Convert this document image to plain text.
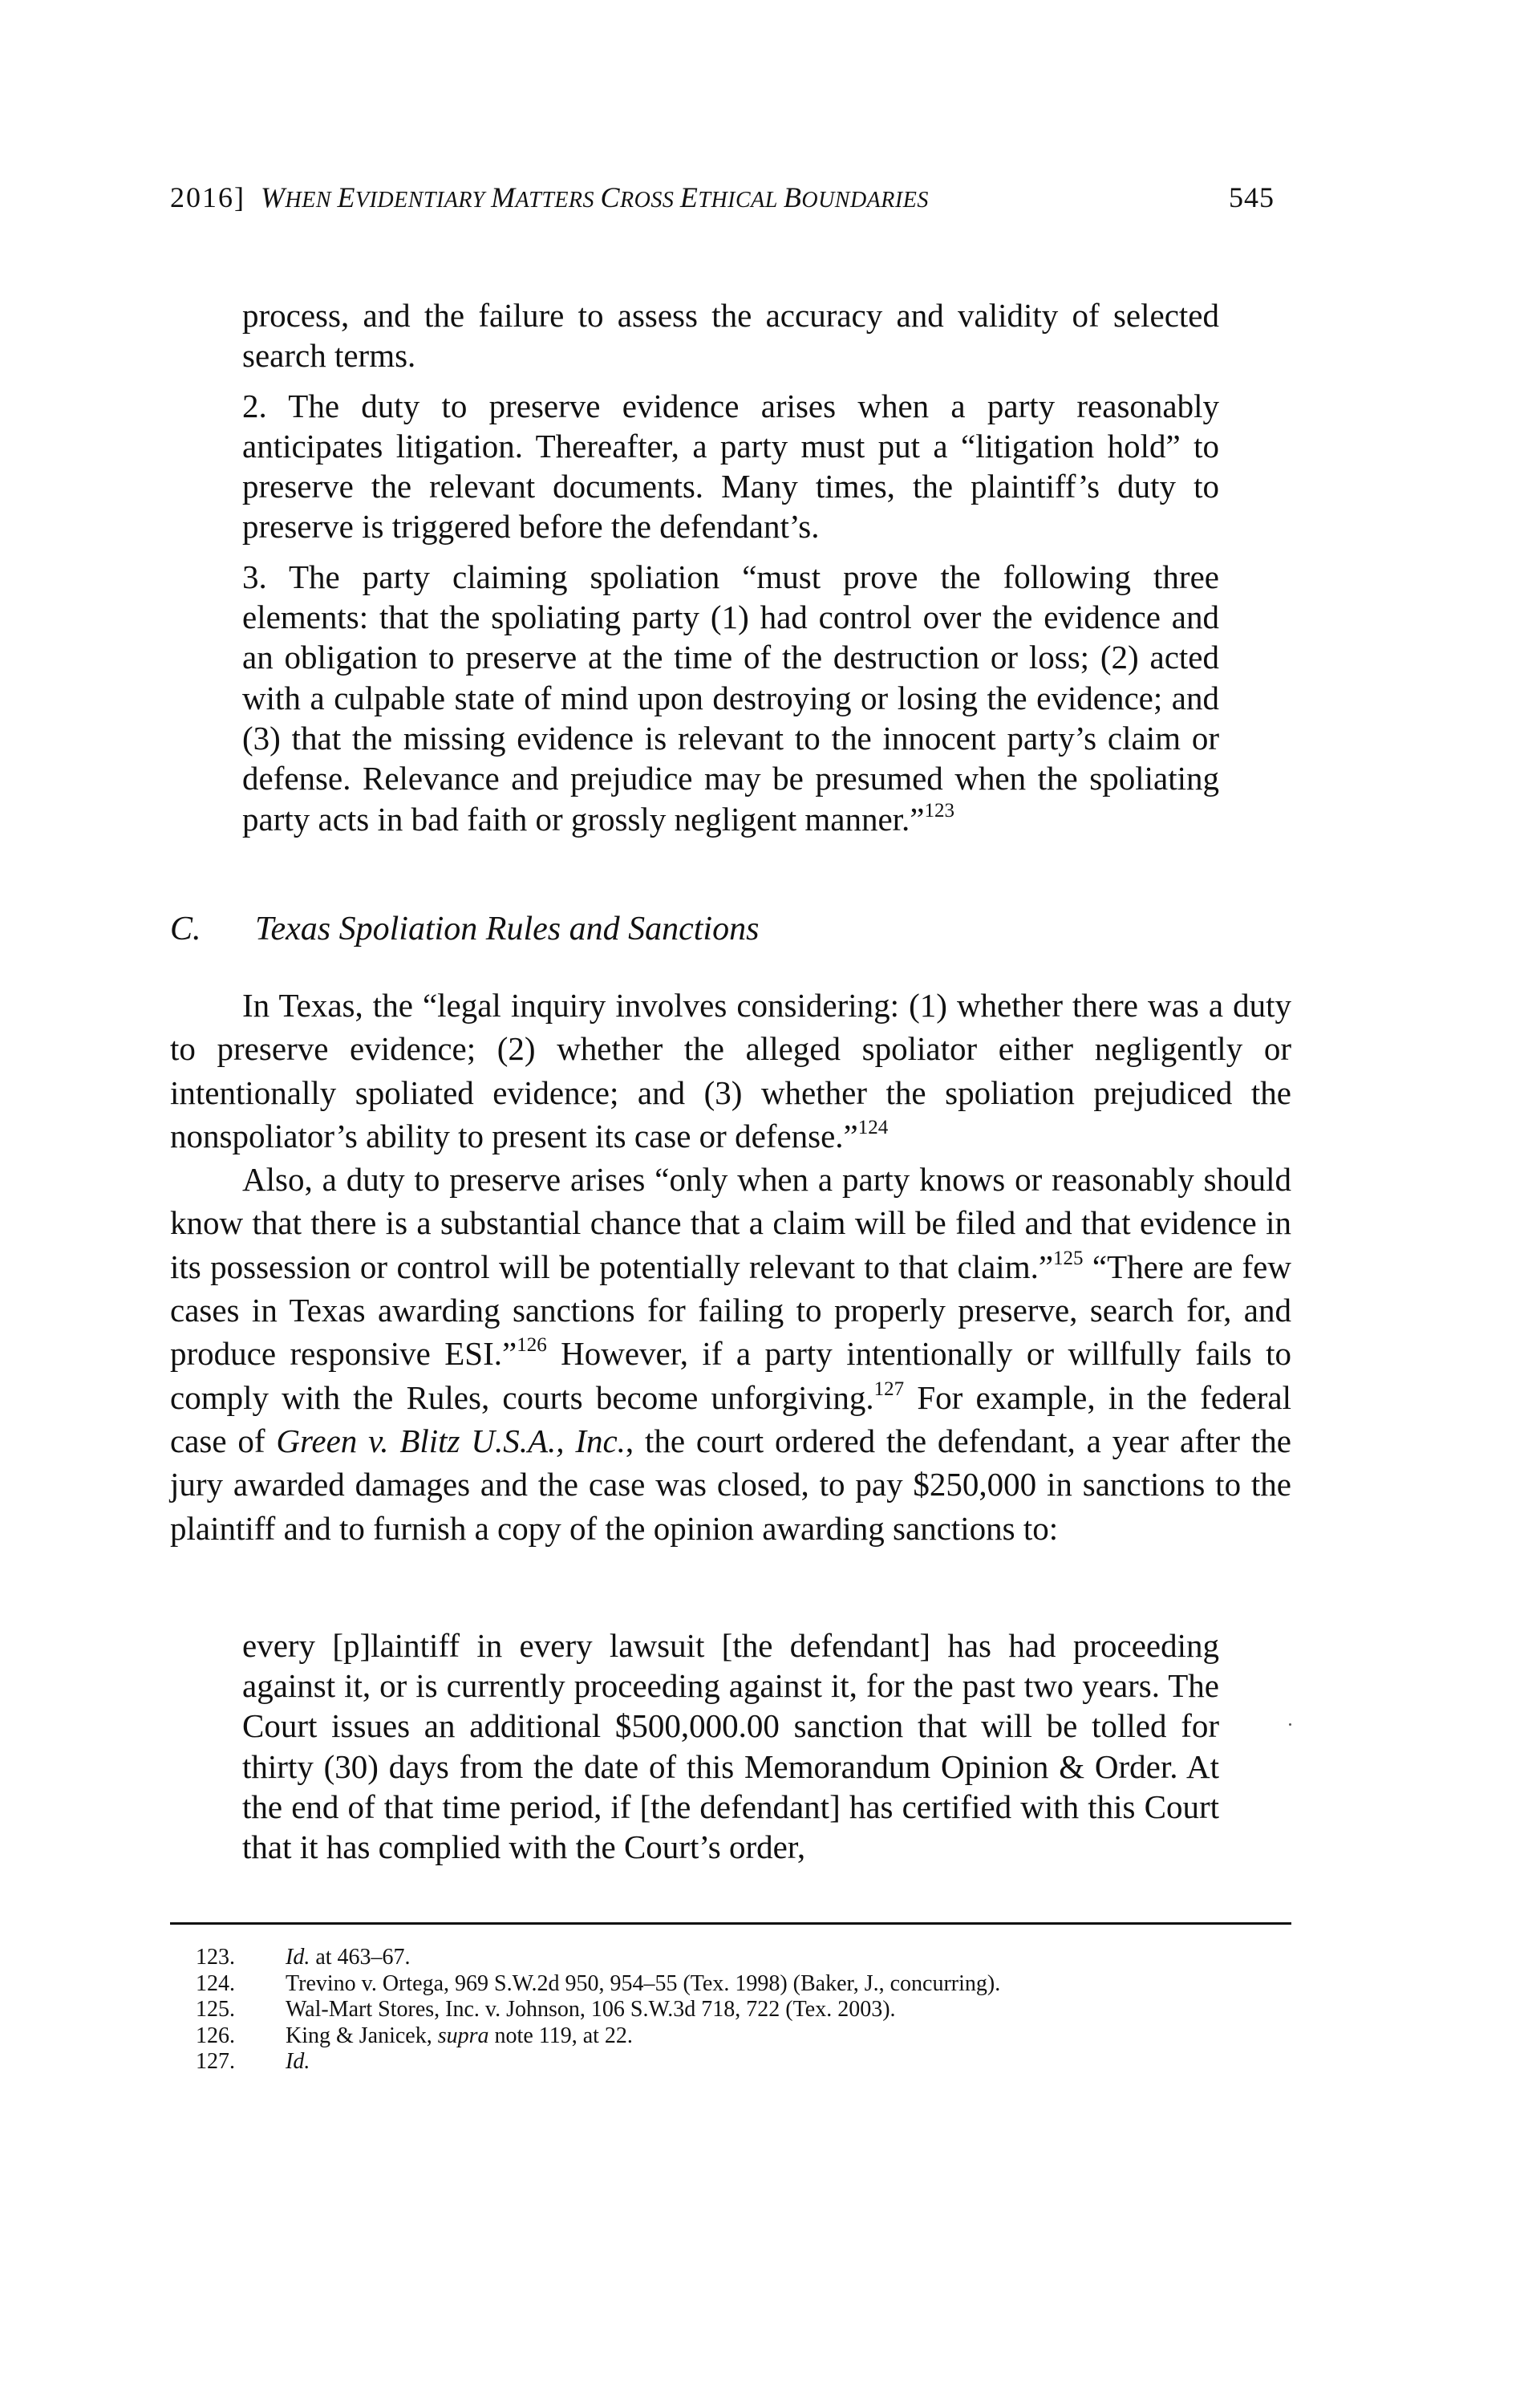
2016] WHEN EVIDENTIARY MATTERS CROSS ETHICAL BOUNDARIES	545

process, and the failure to assess the accuracy and validity of selected search terms.

2. The duty to preserve evidence arises when a party reasonably anticipates litigation. Thereafter, a party must put a “litigation hold” to preserve the relevant documents. Many times, the plaintiff’s duty to preserve is triggered before the defendant’s.

3. The party claiming spoliation “must prove the following three elements: that the spoliating party (1) had control over the evidence and an obligation to preserve at the time of the destruction or loss; (2) acted with a culpable state of mind upon destroying or losing the evidence; and (3) that the missing evidence is relevant to the innocent party’s claim or defense. Relevance and prejudice may be presumed when the spoliating party acts in bad faith or grossly negligent manner.”$^{123}$

C. Texas Spoliation Rules and Sanctions

In Texas, the “legal inquiry involves considering: (1) whether there was a duty to preserve evidence; (2) whether the alleged spoliator either negligently or intentionally spoliated evidence; and (3) whether the spoliation prejudiced the nonspoliator’s ability to present its case or defense.”$^{124}$

Also, a duty to preserve arises “only when a party knows or reasonably should know that there is a substantial chance that a claim will be filed and that evidence in its possession or control will be potentially relevant to that claim.”$^{125}$ “There are few cases in Texas awarding sanctions for failing to properly preserve, search for, and produce responsive ESI.”$^{126}$ However, if a party intentionally or willfully fails to comply with the Rules, courts become unforgiving.$^{127}$ For example, in the federal case of Green v. Blitz U.S.A., Inc., the court ordered the defendant, a year after the jury awarded damages and the case was closed, to pay $250,000 in sanctions to the plaintiff and to furnish a copy of the opinion awarding sanctions to:

every [p]laintiff in every lawsuit [the defendant] has had proceeding against it, or is currently proceeding against it, for the past two years. The Court issues an additional $500,000.00 sanction that will be tolled for thirty (30) days from the date of this Memorandum Opinion & Order. At the end of that time period, if [the defendant] has certified with this Court that it has complied with the Court’s order,

123.	Id. at 463–67.
124.	Trevino v. Ortega, 969 S.W.2d 950, 954–55 (Tex. 1998) (Baker, J., concurring).
125.	Wal-Mart Stores, Inc. v. Johnson, 106 S.W.3d 718, 722 (Tex. 2003).
126.	King & Janicek, supra note 119, at 22.
127.	Id.
